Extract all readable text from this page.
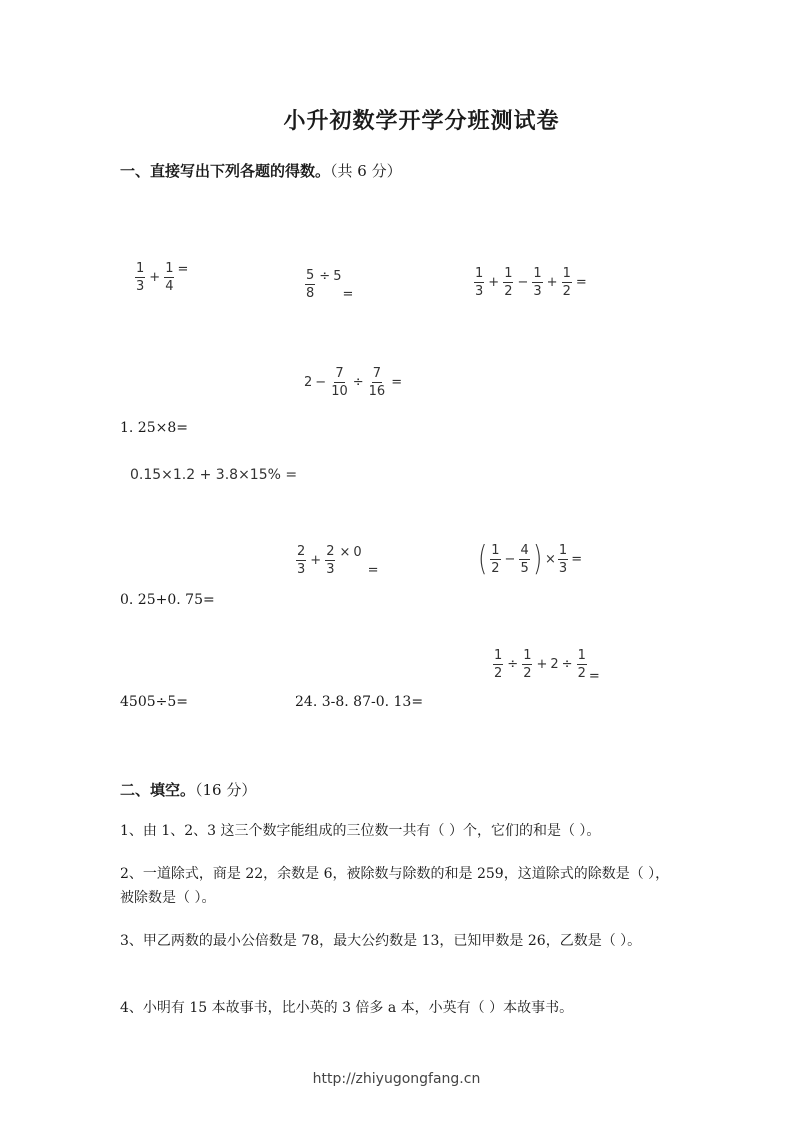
小升初数学开学分班测试卷
一、直接写出下列各题的得数。（共 6 分）
$\frac{1}{3} + \frac{1}{4}$ =	$\frac{5}{8} \div 5$
=	$\frac{1}{3} + \frac{1}{2} - \frac{1}{3} + \frac{1}{2}$ =
$2 - \frac{7}{10} \div \frac{7}{16}$ =
1. 25×8=
0.15×1.2 + 3.8×15% =
$\frac{2}{3} + \frac{2}{3} \times 0$
=	( $\frac{1}{2} - \frac{4}{5}$ ) × $\frac{1}{3}$ =
0. 25+0. 75=
$\frac{1}{2} \div \frac{1}{2} + 2 \div \frac{1}{2}$ =
4505÷5=	24. 3-8. 87-0. 13=
二、填空。（16 分）
1、由 1、2、3 这三个数字能组成的三位数一共有（ ）个，它们的和是（ ）。
2、一道除式，商是 22，余数是 6，被除数与除数的和是 259，这道除式的除数是（ ），被除数是（ ）。
3、甲乙两数的最小公倍数是 78，最大公约数是 13，已知甲数是 26，乙数是（ ）。
4、小明有 15 本故事书，比小英的 3 倍多 a 本，小英有（ ）本故事书。
http://zhiyugongfang.cn
